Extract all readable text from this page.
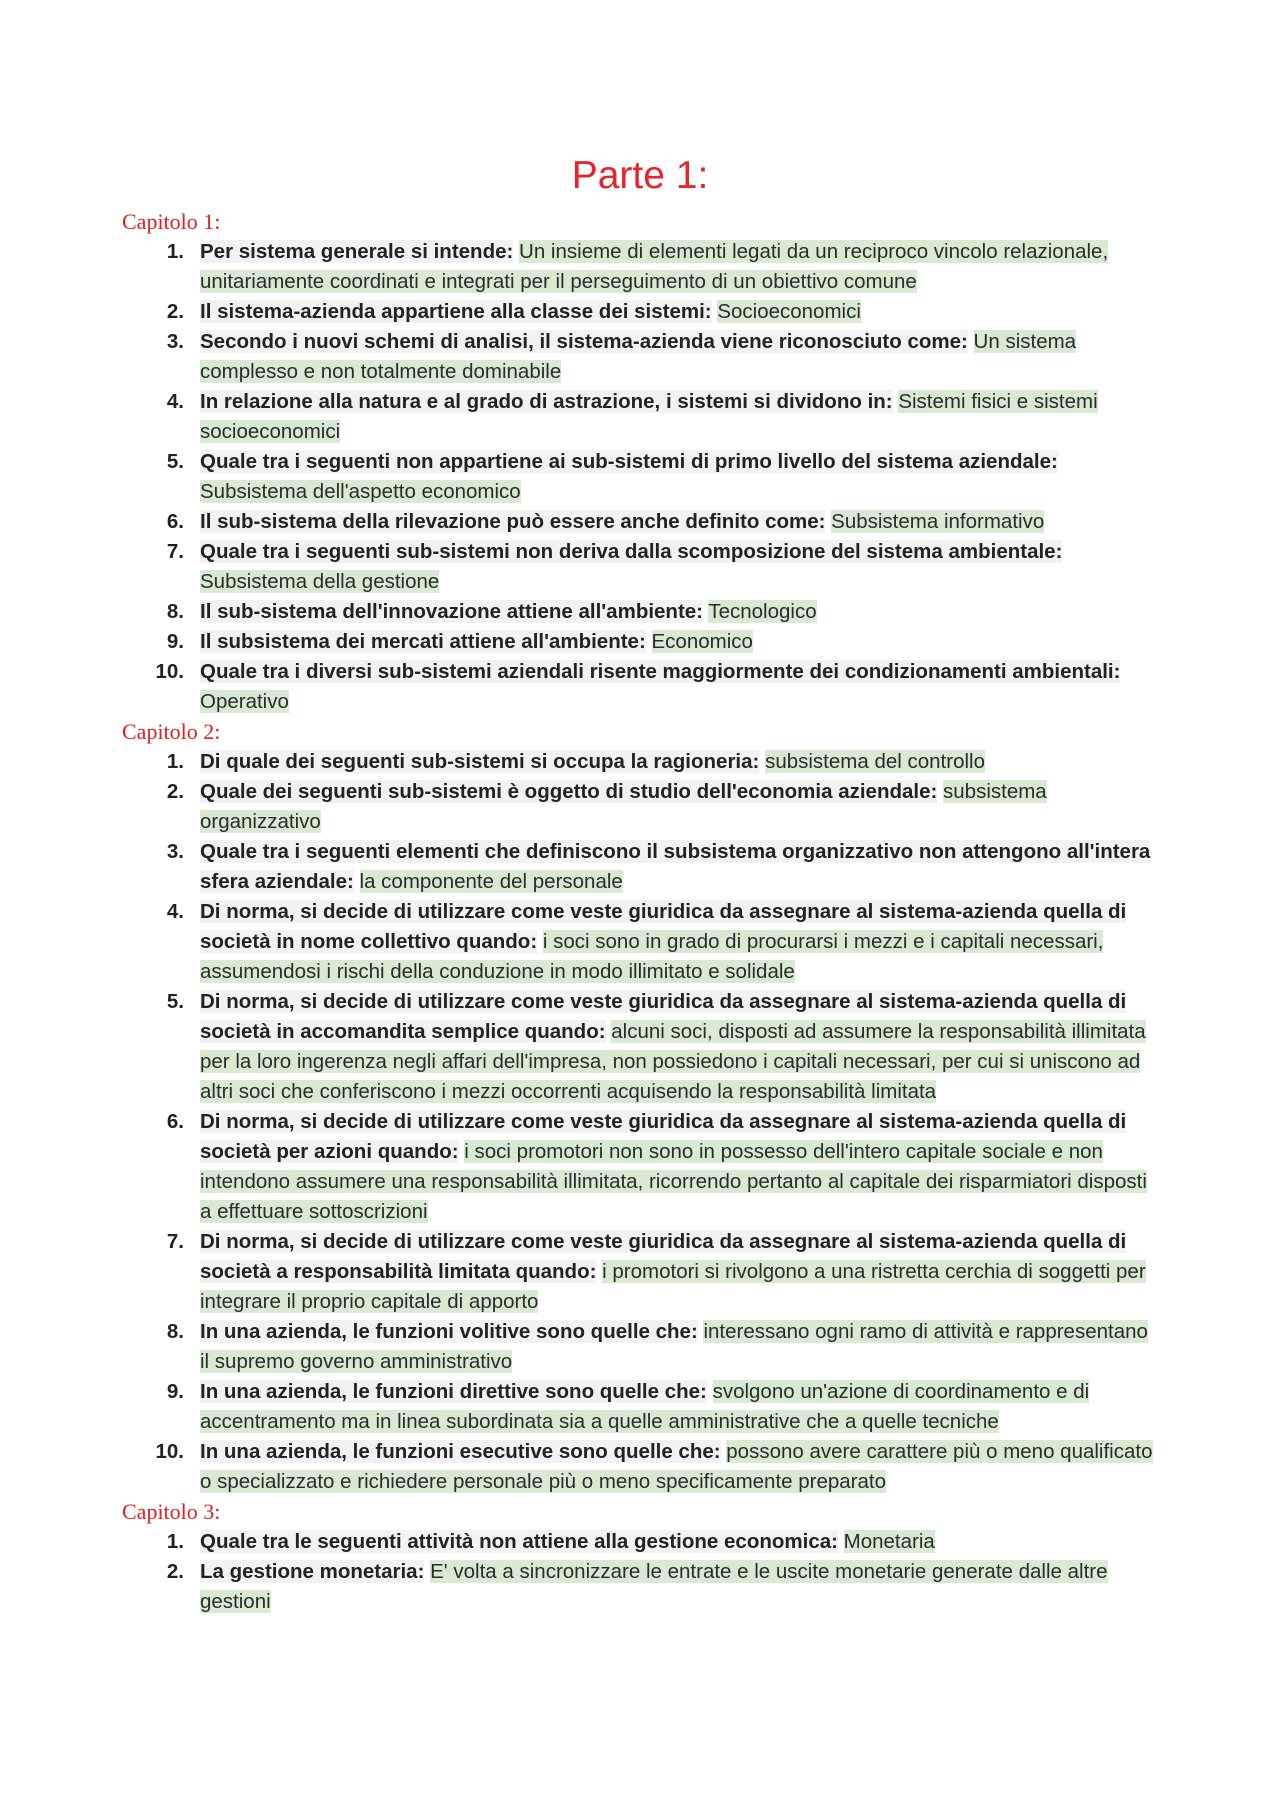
Parte 1:
Capitolo 1:
1. Per sistema generale si intende: Un insieme di elementi legati da un reciproco vincolo relazionale, unitariamente coordinati e integrati per il perseguimento di un obiettivo comune
2. Il sistema-azienda appartiene alla classe dei sistemi: Socioeconomici
3. Secondo i nuovi schemi di analisi, il sistema-azienda viene riconosciuto come: Un sistema complesso e non totalmente dominabile
4. In relazione alla natura e al grado di astrazione, i sistemi si dividono in: Sistemi fisici e sistemi socioeconomici
5. Quale tra i seguenti non appartiene ai sub-sistemi di primo livello del sistema aziendale: Subsistema dell'aspetto economico
6. Il sub-sistema della rilevazione può essere anche definito come: Subsistema informativo
7. Quale tra i seguenti sub-sistemi non deriva dalla scomposizione del sistema ambientale: Subsistema della gestione
8. Il sub-sistema dell'innovazione attiene all'ambiente: Tecnologico
9. Il subsistema dei mercati attiene all'ambiente: Economico
10. Quale tra i diversi sub-sistemi aziendali risente maggiormente dei condizionamenti ambientali: Operativo
Capitolo 2:
1. Di quale dei seguenti sub-sistemi si occupa la ragioneria: subsistema del controllo
2. Quale dei seguenti sub-sistemi è oggetto di studio dell'economia aziendale: subsistema organizzativo
3. Quale tra i seguenti elementi che definiscono il subsistema organizzativo non attengono all'intera sfera aziendale: la componente del personale
4. Di norma, si decide di utilizzare come veste giuridica da assegnare al sistema-azienda quella di società in nome collettivo quando: i soci sono in grado di procurarsi i mezzi e i capitali necessari, assumendosi i rischi della conduzione in modo illimitato e solidale
5. Di norma, si decide di utilizzare come veste giuridica da assegnare al sistema-azienda quella di società in accomandita semplice quando: alcuni soci, disposti ad assumere la responsabilità illimitata per la loro ingerenza negli affari dell'impresa, non possiedono i capitali necessari, per cui si uniscono ad altri soci che conferiscono i mezzi occorrenti acquisendo la responsabilità limitata
6. Di norma, si decide di utilizzare come veste giuridica da assegnare al sistema-azienda quella di società per azioni quando: i soci promotori non sono in possesso dell'intero capitale sociale e non intendono assumere una responsabilità illimitata, ricorrendo pertanto al capitale dei risparmiatori disposti a effettuare sottoscrizioni
7. Di norma, si decide di utilizzare come veste giuridica da assegnare al sistema-azienda quella di società a responsabilità limitata quando: i promotori si rivolgono a una ristretta cerchia di soggetti per integrare il proprio capitale di apporto
8. In una azienda, le funzioni volitive sono quelle che: interessano ogni ramo di attività e rappresentano il supremo governo amministrativo
9. In una azienda, le funzioni direttive sono quelle che: svolgono un'azione di coordinamento e di accentramento ma in linea subordinata sia a quelle amministrative che a quelle tecniche
10. In una azienda, le funzioni esecutive sono quelle che: possono avere carattere più o meno qualificato o specializzato e richiedere personale più o meno specificamente preparato
Capitolo 3:
1. Quale tra le seguenti attività non attiene alla gestione economica: Monetaria
2. La gestione monetaria: E' volta a sincronizzare le entrate e le uscite monetarie generate dalle altre gestioni
